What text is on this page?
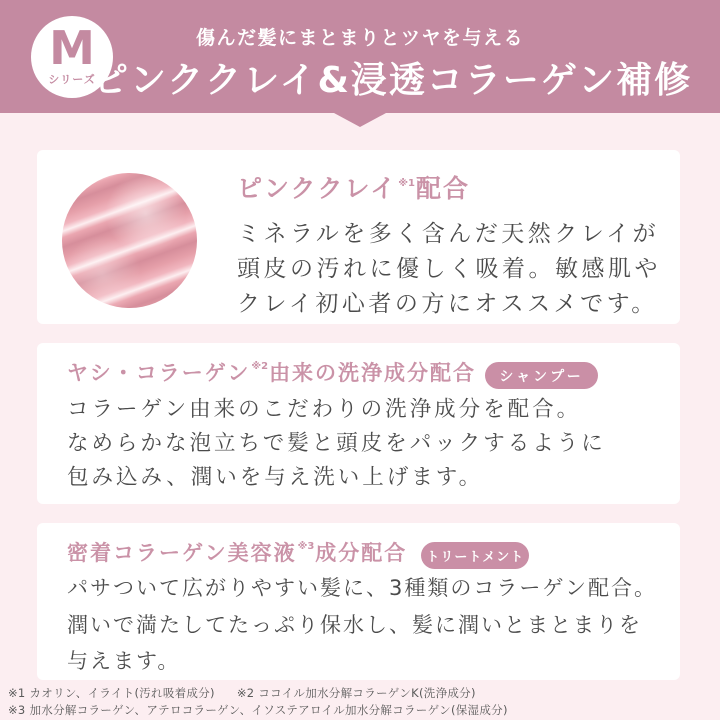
M
シリーズ
傷んだ髪にまとまりとツヤを与える
ピンククレイ&浸透コラーゲン補修
ピンククレイ※1配合
ミネラルを多く含んだ天然クレイが
頭皮の汚れに優しく吸着。敏感肌や
クレイ初心者の方にオススメです。
ヤシ・コラーゲン※2由来の洗浄成分配合	シャンプー
コラーゲン由来のこだわりの洗浄成分を配合。
なめらかな泡立ちで髪と頭皮をパックするように
包み込み、潤いを与え洗い上げます。
密着コラーゲン美容液※3成分配合	トリートメント
パサついて広がりやすい髪に、3種類のコラーゲン配合。
潤いで満たしてたっぷり保水し、髪に潤いとまとまりを
与えます。
※1 カオリン、イライト(汚れ吸着成分) ※2 ココイル加水分解コラーゲンK(洗浄成分)
※3 加水分解コラーゲン、アテロコラーゲン、イソステアロイル加水分解コラーゲン(保湿成分)
